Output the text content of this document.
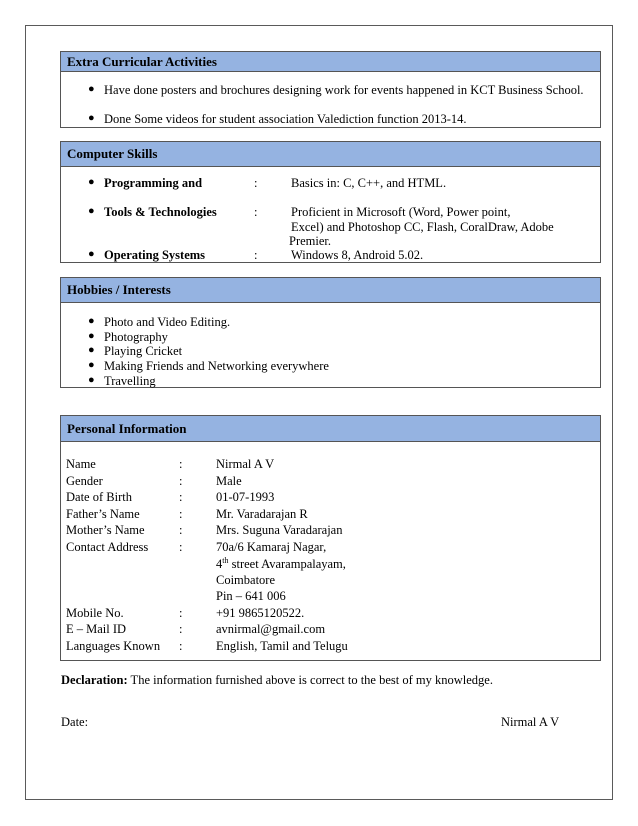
Extra Curricular Activities
● Have done posters and brochures designing work for events happened in KCT Business School.
● Done Some videos for student association Valediction function 2013-14.
Computer Skills
● Programming and	:	Basics in: C, C++, and HTML.
● Tools & Technologies	:	Proficient in Microsoft (Word, Power point,
Excel) and Photoshop CC, Flash, CoralDraw, Adobe
Premier.
● Operating Systems	:	Windows 8, Android 5.02.
Hobbies / Interests
● Photo and Video Editing.
● Photography
● Playing Cricket
● Making Friends and Networking everywhere
● Travelling
Personal Information
Name	:	Nirmal A V
Gender	:	Male
Date of Birth	:	01-07-1993
Father’s Name	:	Mr. Varadarajan R
Mother’s Name	:	Mrs. Suguna Varadarajan
Contact Address :	70a/6 Kamaraj Nagar,
4th street Avarampalayam,
Coimbatore
Pin – 641 006
Mobile No.	:	+91 9865120522.
E – Mail ID	:	avnirmal@gmail.com
Languages Known :	English, Tamil and Telugu
Declaration: The information furnished above is correct to the best of my knowledge.
Date:	Nirmal A V
